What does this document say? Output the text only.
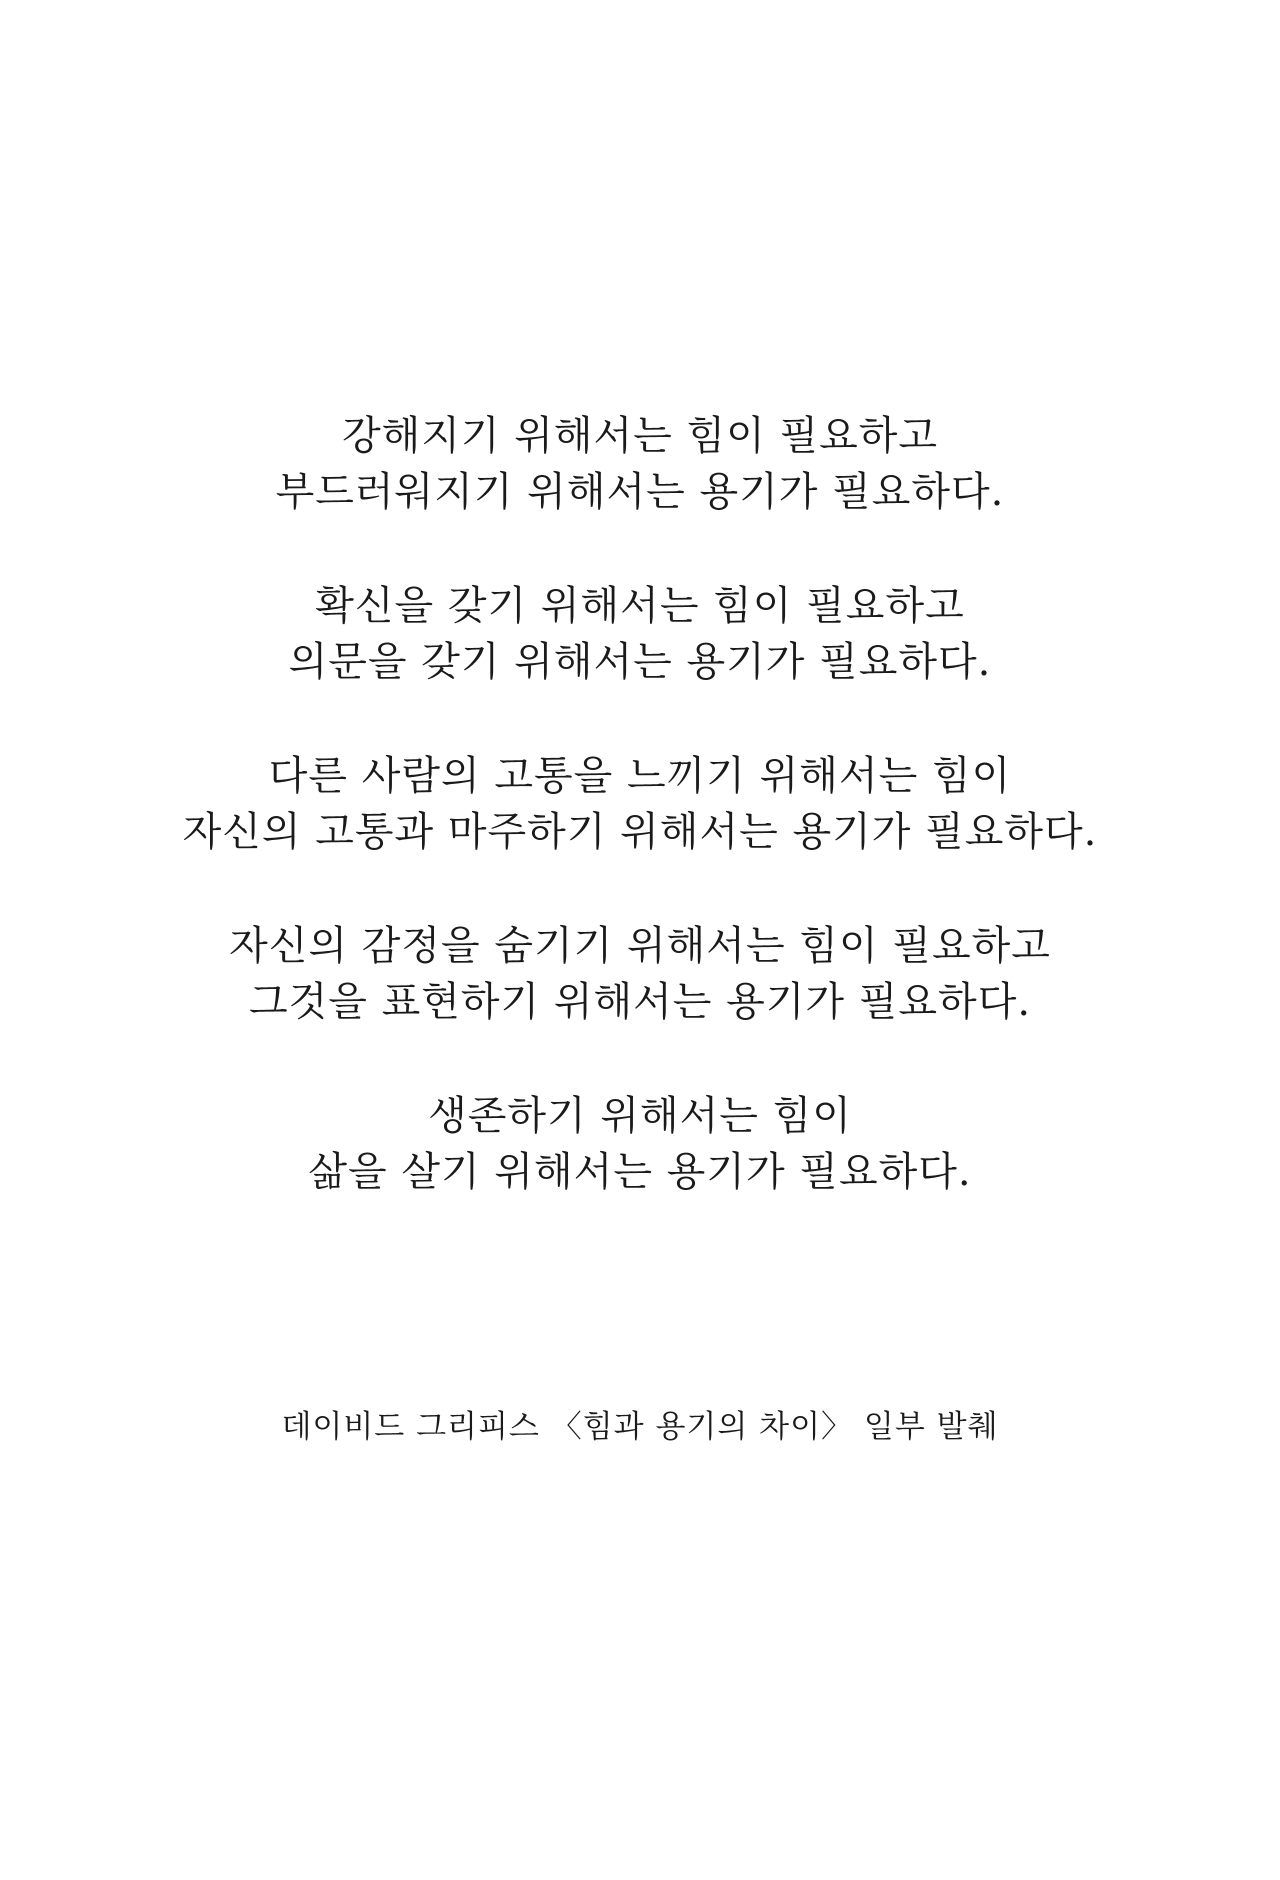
강해지기 위해서는 힘이 필요하고
부드러워지기 위해서는 용기가 필요하다.
확신을 갖기 위해서는 힘이 필요하고
의문을 갖기 위해서는 용기가 필요하다.
다른 사람의 고통을 느끼기 위해서는 힘이
자신의 고통과 마주하기 위해서는 용기가 필요하다.
자신의 감정을 숨기기 위해서는 힘이 필요하고
그것을 표현하기 위해서는 용기가 필요하다.
생존하기 위해서는 힘이
삶을 살기 위해서는 용기가 필요하다.
데이비드 그리피스 〈힘과 용기의 차이〉 일부 발췌
